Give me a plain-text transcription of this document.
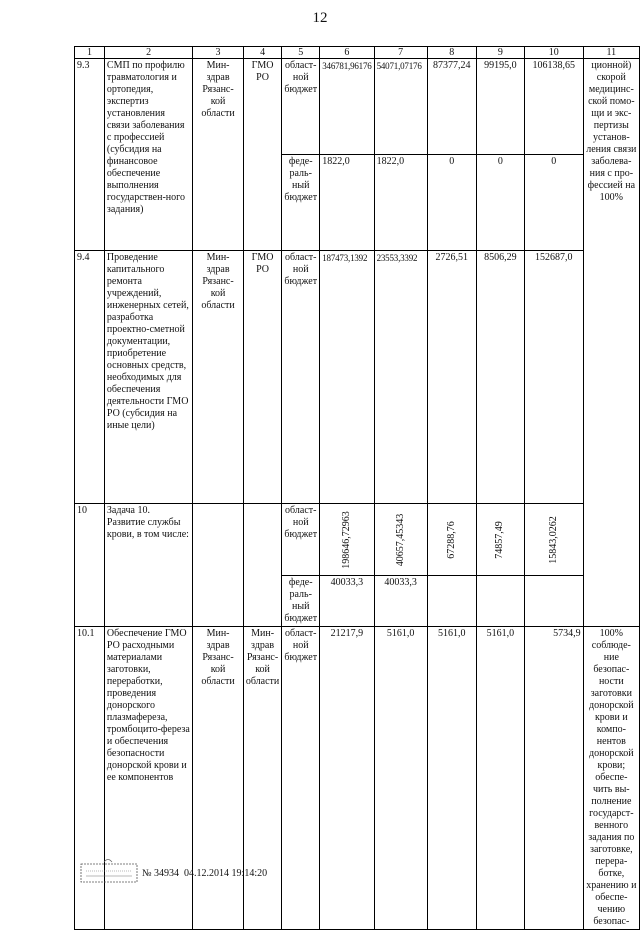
12
1	2	3	4	5	6	7	8	9	10	11
9.3	СМП по профилю травматология и ортопедия, экспертиз установления связи заболевания с профессией (субсидия на финансовое обеспечение выполнения государствен-ного задания)	Мин-здрав Рязанс-кой области	ГМО РО	област-ной бюджет	346781,96176	54071,07176	87377,24	99195,0	106138,65	ционной) скорой медицинс-ской помо-щи и экс-пертизы установ-ления связи заболева-ния с про-фессией на 100%
				феде-раль-ный бюджет	1822,0	1822,0	0	0	0	
9.4	Проведение капитального ремонта учреждений, инженерных сетей, разработка проектно-сметной документации, приобретение основных средств, необходимых для обеспечения деятельности ГМО РО (субсидия на иные цели)	Мин-здрав Рязанс-кой области	ГМО РО	област-ной бюджет	187473,1392	23553,3392	2726,51	8506,29	152687,0	
10	Задача 10. Развитие службы крови, в том числе:			област-ной бюджет	198646,72963	40657,45343	67288,76	74857,49	15843,0262	

				феде-раль-ный бюджет	40033,3	40033,3				
10.1	Обеспечение ГМО РО расходными материалами заготовки, переработки, проведения донорского плазмафереза, тромбоцито-фереза и обеспечения безопасности донорской крови и ее компонентов	Мин-здрав Рязанс-кой области	Мин-здрав Рязанс-кой области	област-ной бюджет	21217,9	5161,0	5161,0	5161,0	5734,9	100% соблюде-ние безопас-ности заготовки донорской крови и компо-нентов донорской крови; обеспе-чить вы-полнение государст-венного задания по заготовке, перера-ботке, хранению и обеспе-чению безопас-
№ 34934 04.12.2014 19:14:20
